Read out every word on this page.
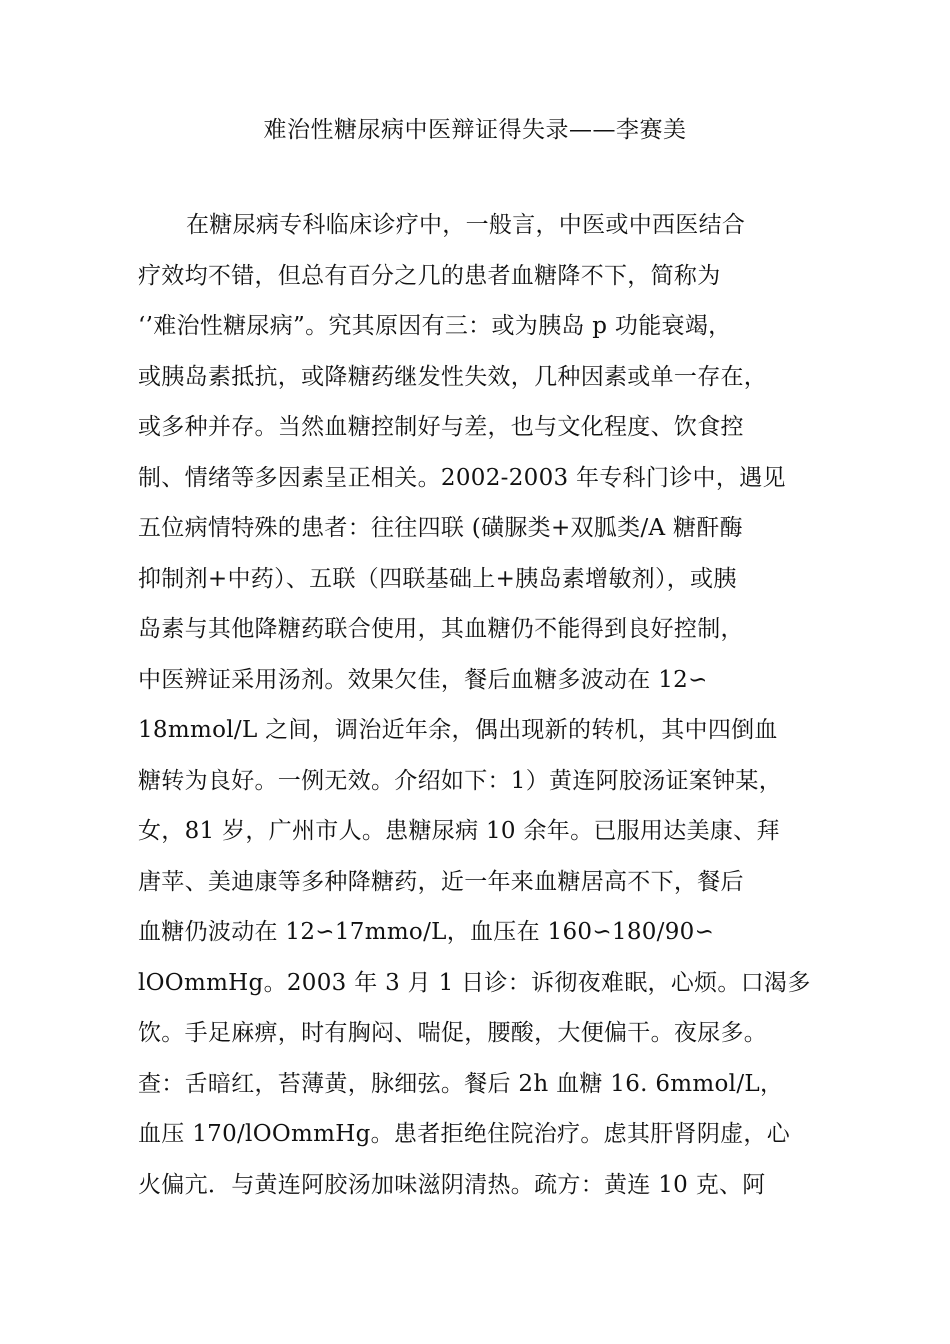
难治性糖尿病中医辩证得失录——李赛美
在糖尿病专科临床诊疗中，一般言，中医或中西医结合
疗效均不错，但总有百分之几的患者血糖降不下，简称为
‘’难治性糖尿病”。究其原因有三：或为胰岛 p 功能衰竭，
或胰岛素抵抗，或降糖药继发性失效，几种因素或单一存在，
或多种并存。当然血糖控制好与差，也与文化程度、饮食控
制、情绪等多因素呈正相关。2002-2003 年专科门诊中，遇见
五位病情特殊的患者：往往四联 (磺脲类+双胍类/A 糖酐酶
抑制剂+中药）、五联（四联基础上+胰岛素增敏剂），或胰
岛素与其他降糖药联合使用，其血糖仍不能得到良好控制，
中医辨证采用汤剂。效果欠佳，餐后血糖多波动在 12∽
18mmol/L 之间，调治近年余，偶出现新的转机，其中四倒血
糖转为良好。一例无效。介绍如下：1）黄连阿胶汤证案钟某，
女，81 岁，广州市人。患糖尿病 10 余年。已服用达美康、拜
唐苹、美迪康等多种降糖药，近一年来血糖居高不下，餐后
血糖仍波动在 12∽17mmo/L，血压在 160∽180/90∽
lOOmmHg。2003 年 3 月 1 日诊：诉彻夜难眠，心烦。口渴多
饮。手足麻痹，时有胸闷、喘促，腰酸，大便偏干。夜尿多。
查：舌暗红，苔薄黄，脉细弦。餐后 2h 血糖 16. 6mmol/L，
血压 170/lOOmmHg。患者拒绝住院治疗。虑其肝肾阴虚，心
火偏亢．与黄连阿胶汤加味滋阴清热。疏方：黄连 10 克、阿
